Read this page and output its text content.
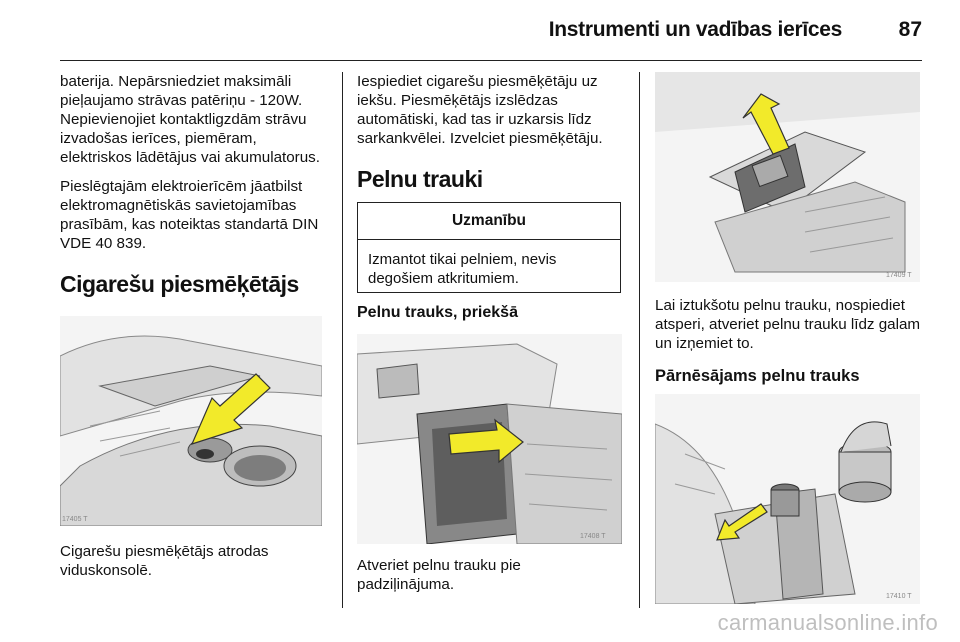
Instrumenti un vadības ierīces	87

baterija. Nepārsniedziet maksimāli pieļaujamo strāvas patēriņu - 120W. Nepievienojiet kontaktligzdām strāvu izvadošas ierīces, piemēram, elektriskos lādētājus vai akumulatorus.

Pieslēgtajām elektroierīcēm jāatbilst elektromagnētiskās savietojamības prasībām, kas noteiktas standartā DIN VDE 40 839.

Cigarešu piesmēķētājs
17405 T

Cigarešu piesmēķētājs atrodas viduskonsolē.

Iespiediet cigarešu piesmēķētāju uz iekšu. Piesmēķētājs izslēdzas automātiski, kad tas ir uzkarsis līdz sarkankvēlei. Izvelciet piesmēķētāju.

Pelnu trauki
Uzmanību
Izmantot tikai pelniem, nevis degošiem atkritumiem.
Pelnu trauks, priekšā
17408 T

Atveriet pelnu trauku pie padziļinājuma.

17409 T

Lai iztukšotu pelnu trauku, nospiediet atsperi, atveriet pelnu trauku līdz galam un izņemiet to.

Pārnēsājams pelnu trauks
17410 T
carmanualsonline.info
